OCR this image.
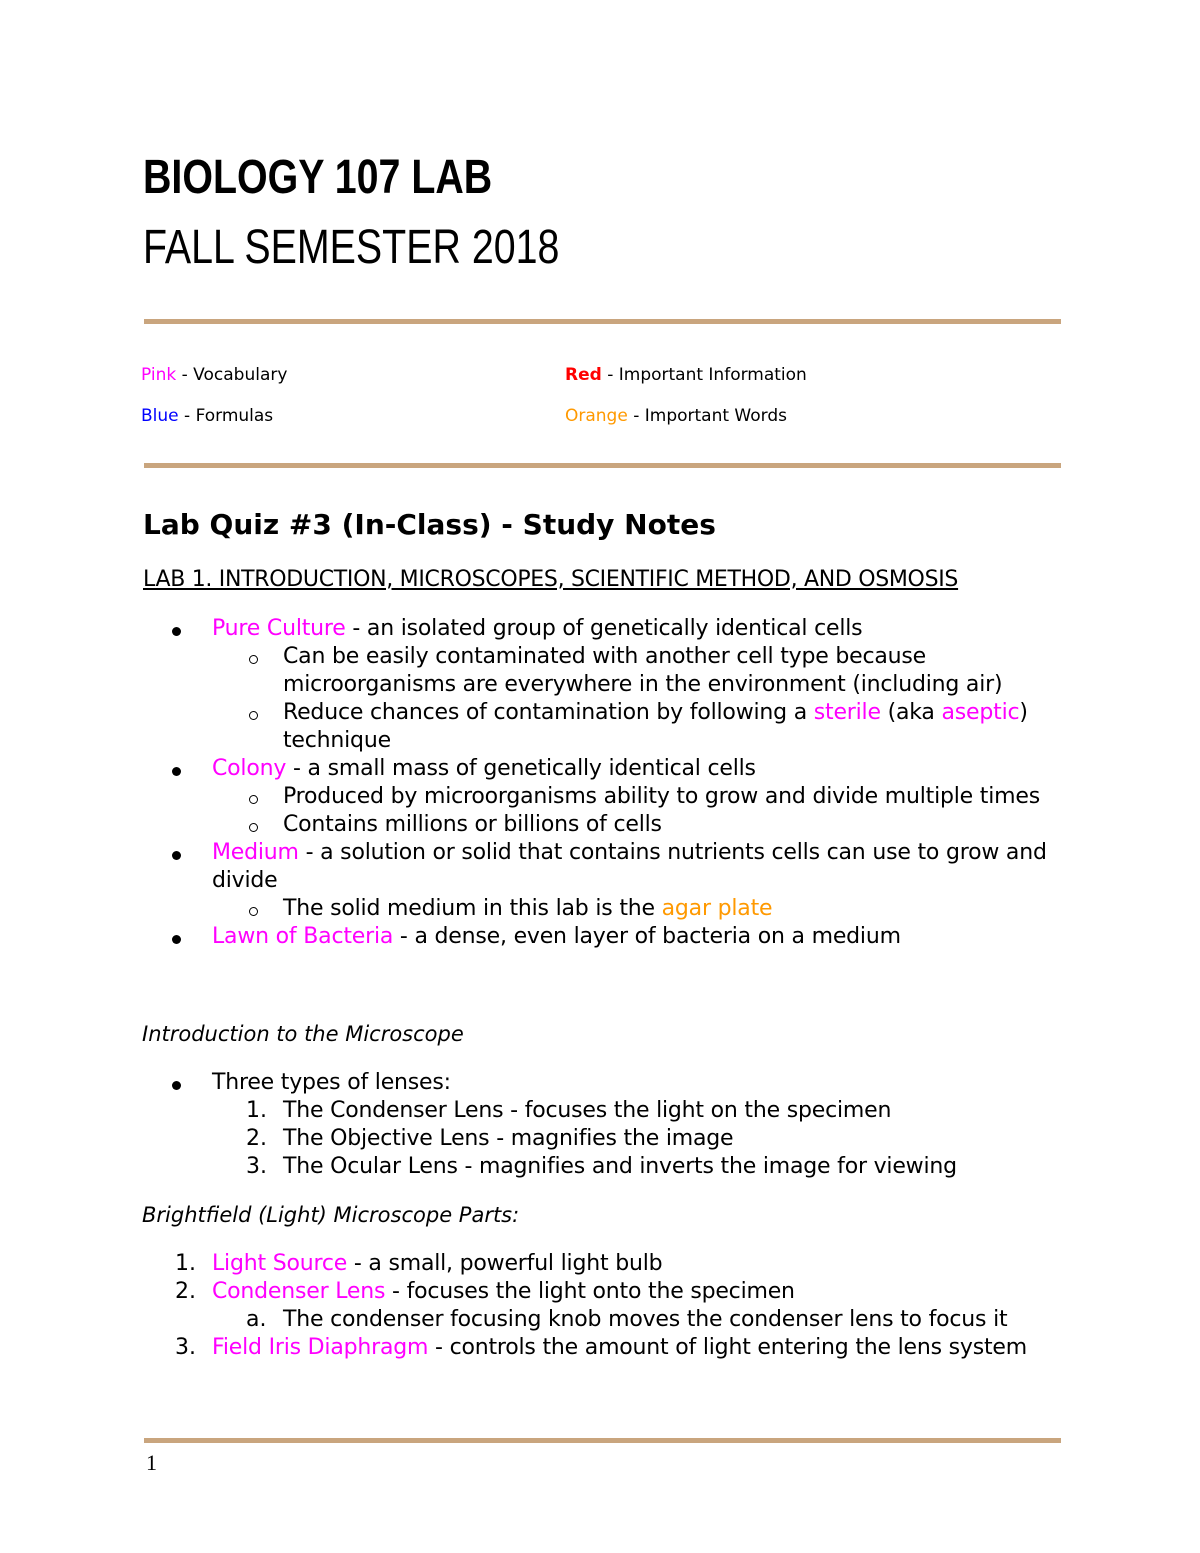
BIOLOGY 107 LAB
FALL SEMESTER 2018
Pink - Vocabulary	Red - Important Information
Blue - Formulas	Orange - Important Words
Lab Quiz #3 (In-Class) - Study Notes
LAB 1. INTRODUCTION, MICROSCOPES, SCIENTIFIC METHOD, AND OSMOSIS
Pure Culture - an isolated group of genetically identical cells
Can be easily contaminated with another cell type because
microorganisms are everywhere in the environment (including air)
Reduce chances of contamination by following a sterile (aka aseptic)
technique
Colony - a small mass of genetically identical cells
Produced by microorganisms ability to grow and divide multiple times
Contains millions or billions of cells
Medium - a solution or solid that contains nutrients cells can use to grow and
divide
The solid medium in this lab is the agar plate
Lawn of Bacteria - a dense, even layer of bacteria on a medium
Introduction to the Microscope
Three types of lenses:
1. The Condenser Lens - focuses the light on the specimen
2. The Objective Lens - magnifies the image
3. The Ocular Lens - magnifies and inverts the image for viewing
Brightfield (Light) Microscope Parts:
1. Light Source - a small, powerful light bulb
2. Condenser Lens - focuses the light onto the specimen
a. The condenser focusing knob moves the condenser lens to focus it
3. Field Iris Diaphragm - controls the amount of light entering the lens system
1
